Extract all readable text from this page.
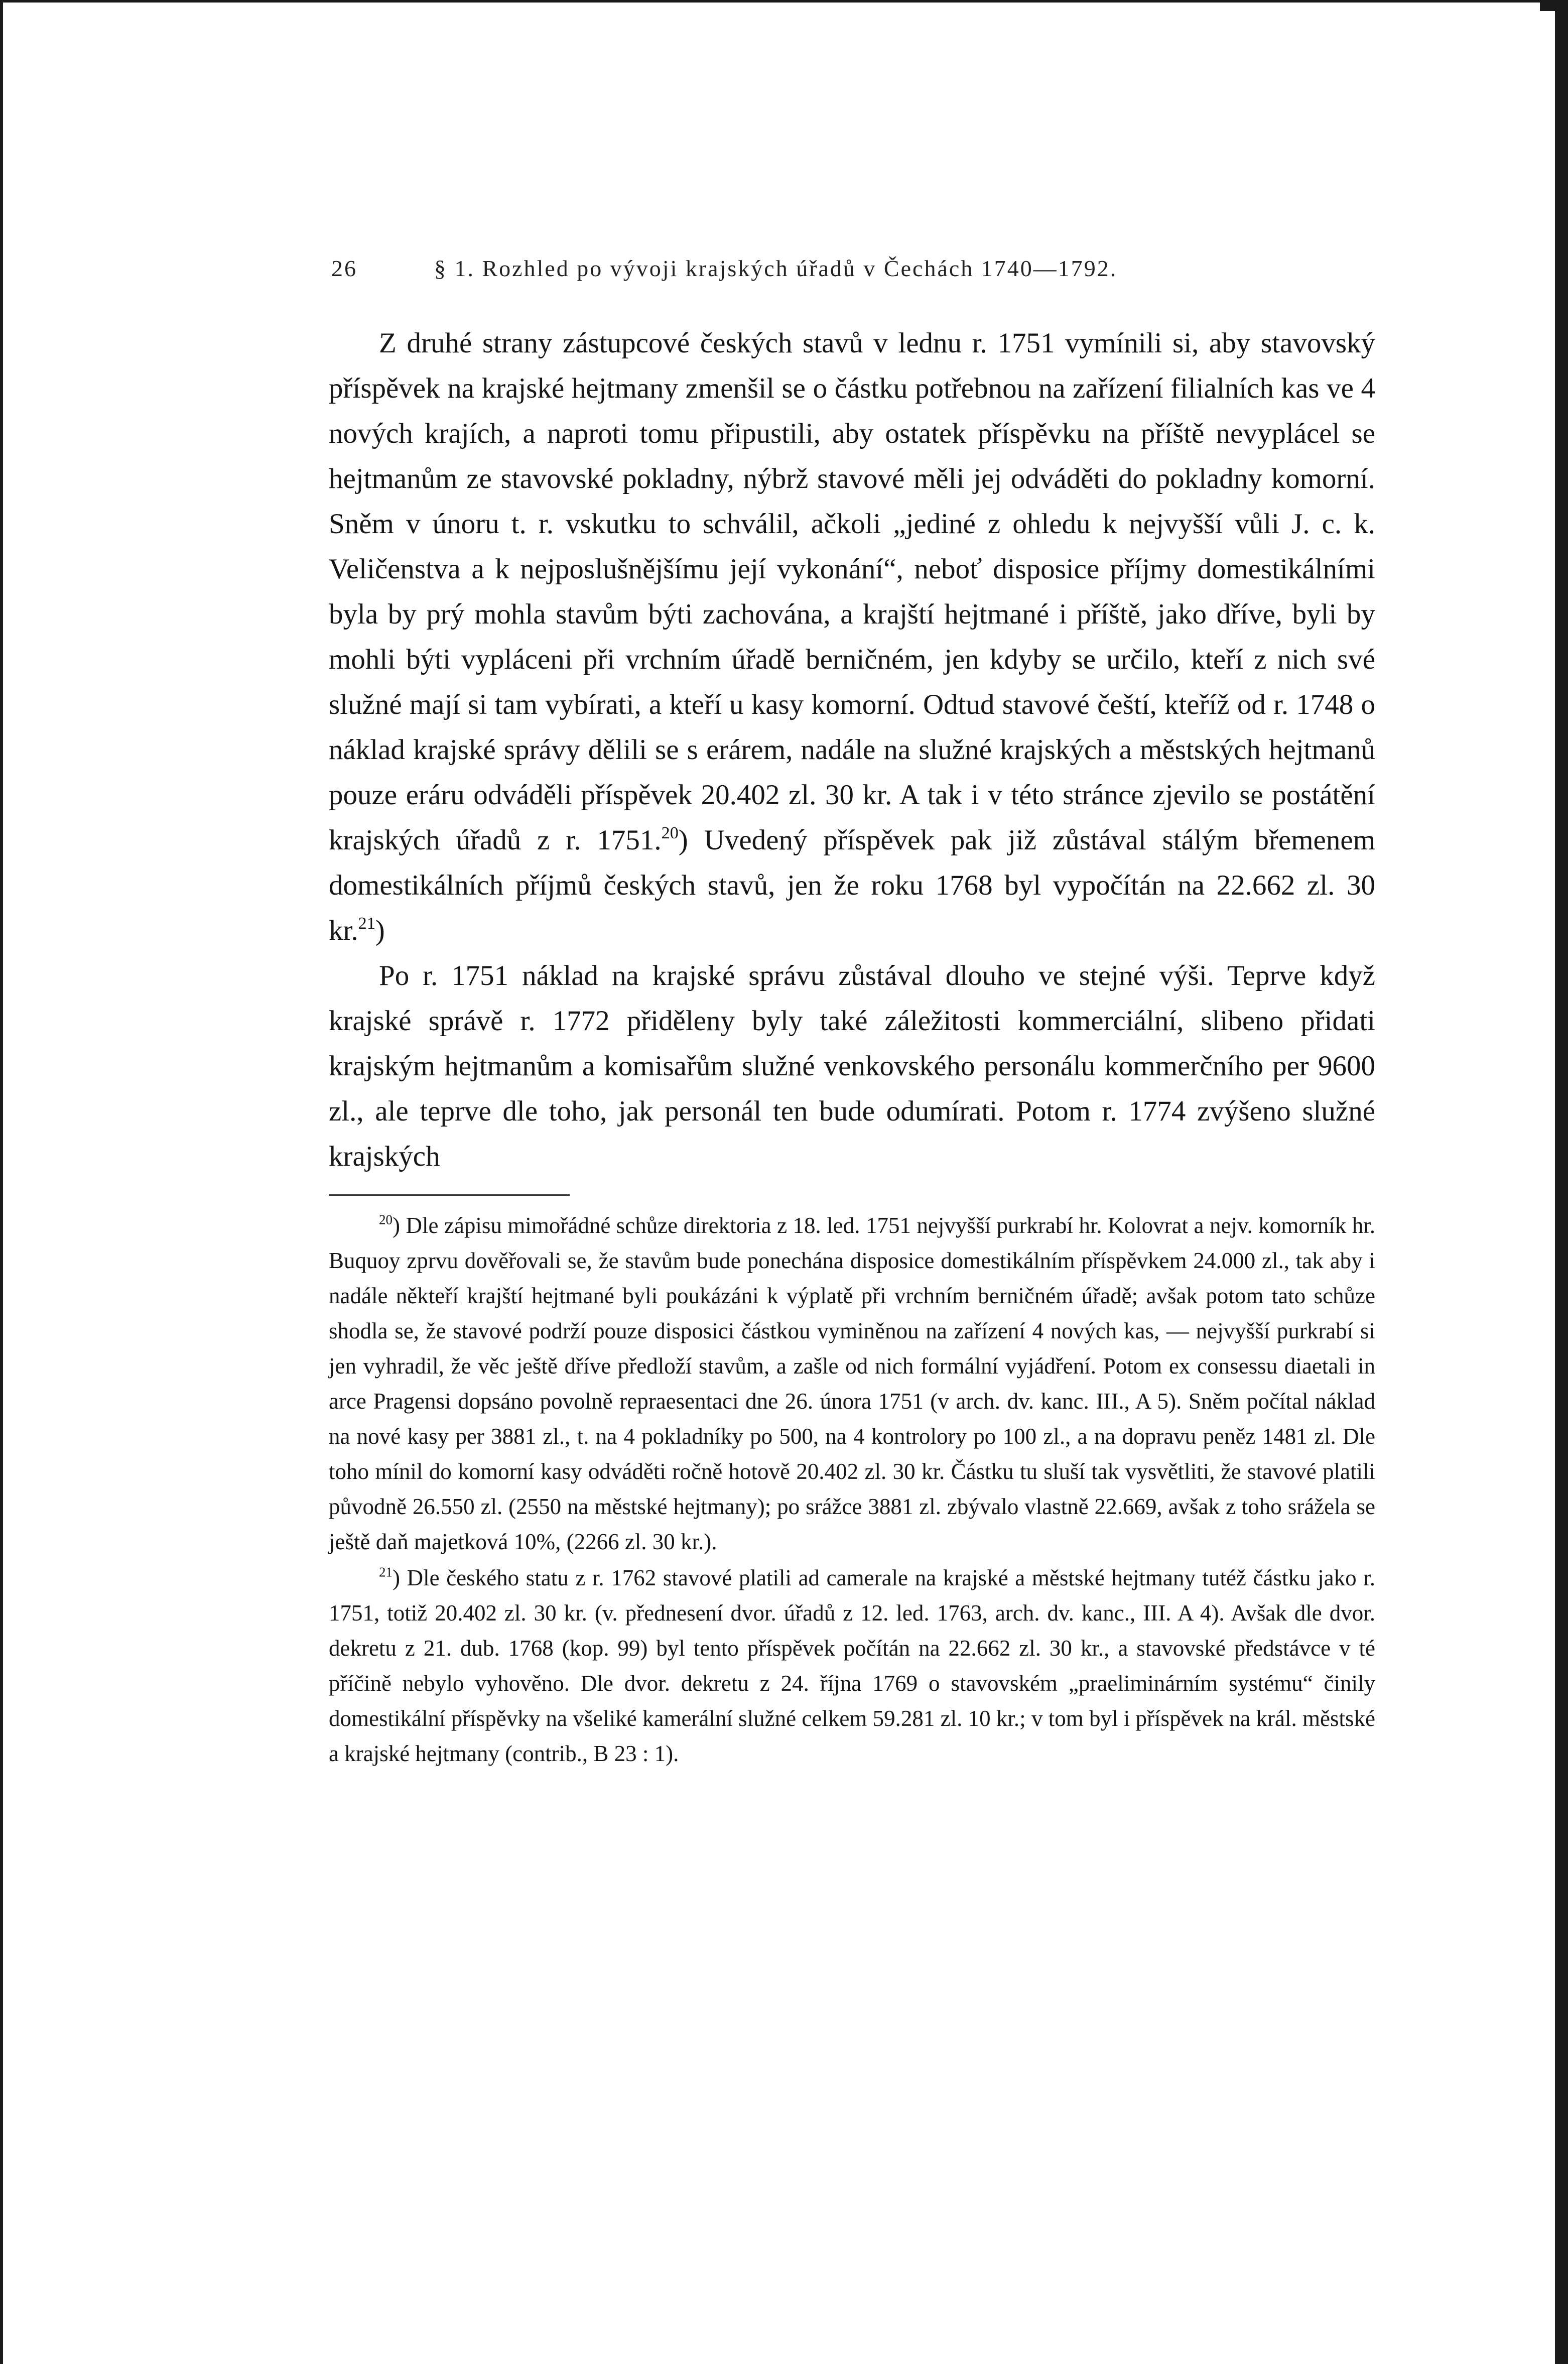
26	§ 1. Rozhled po vývoji krajských úřadů v Čechách 1740—1792.

Z druhé strany zástupcové českých stavů v lednu r. 1751 vymínili si, aby stavovský příspěvek na krajské hejtmany zmenšil se o částku potřebnou na zařízení filialních kas ve 4 nových krajích, a naproti tomu připustili, aby ostatek příspěvku na příště nevyplácel se hejtmanům ze stavovské pokladny, nýbrž stavové měli jej odváděti do pokladny komorní. Sněm v únoru t. r. vskutku to schválil, ačkoli „jediné z ohledu k nejvyšší vůli J. c. k. Veličenstva a k nejposlušnějšímu její vykonání“, neboť disposice příjmy domestikálními byla by prý mohla stavům býti zachována, a krajští hejtmané i příště, jako dříve, byli by mohli býti vypláceni při vrchním úřadě berničném, jen kdyby se určilo, kteří z nich své služné mají si tam vybírati, a kteří u kasy komorní. Odtud stavové čeští, kteříž od r. 1748 o náklad krajské správy dělili se s erárem, nadále na služné krajských a městských hejtmanů pouze eráru odváděli příspěvek 20.402 zl. 30 kr. A tak i v této stránce zjevilo se postátění krajských úřadů z r. 1751.20) Uvedený příspěvek pak již zůstával stálým břemenem domestikálních příjmů českých stavů, jen že roku 1768 byl vypočítán na 22.662 zl. 30 kr.$^{21}$)

Po r. 1751 náklad na krajské správu zůstával dlouho ve stejné výši. Teprve když krajské správě r. 1772 přiděleny byly také záležitosti kommerciální, slibeno přidati krajským hejtmanům a komisařům služné venkovského personálu kommerčního per 9600 zl., ale teprve dle toho, jak personál ten bude odumírati. Potom r. 1774 zvýšeno služné krajských

$^{20}$) Dle zápisu mimořádné schůze direktoria z 18. led. 1751 nejvyšší purkrabí hr. Kolovrat a nejv. komorník hr. Buquoy zprvu dověřovali se, že stavům bude ponechána disposice domestikálním příspěvkem 24.000 zl., tak aby i nadále někteří krajští hejtmané byli poukázáni k výplatě při vrchním berničném úřadě; avšak potom tato schůze shodla se, že stavové podrží pouze disposici částkou vyminěnou na zařízení 4 nových kas, — nejvyšší purkrabí si jen vyhradil, že věc ještě dříve předloží stavům, a zašle od nich formální vyjádření. Potom ex consessu diaetali in arce Pragensi dopsáno povolně repraesentaci dne 26. února 1751 (v arch. dv. kanc. III., A 5). Sněm počítal náklad na nové kasy per 3881 zl., t. na 4 pokladníky po 500, na 4 kontrolory po 100 zl., a na dopravu peněz 1481 zl. Dle toho mínil do komorní kasy odváděti ročně hotově 20.402 zl. 30 kr. Částku tu sluší tak vysvětliti, že stavové platili původně 26.550 zl. (2550 na městské hejtmany); po srážce 3881 zl. zbývalo vlastně 22.669, avšak z toho srážela se ještě daň majetková 10%, (2266 zl. 30 kr.).

$^{21}$) Dle českého statu z r. 1762 stavové platili ad camerale na krajské a městské hejtmany tutéž částku jako r. 1751, totiž 20.402 zl. 30 kr. (v. přednesení dvor. úřadů z 12. led. 1763, arch. dv. kanc., III. A 4). Avšak dle dvor. dekretu z 21. dub. 1768 (kop. 99) byl tento příspěvek počítán na 22.662 zl. 30 kr., a stavovské předstávce v té příčině nebylo vyhověno. Dle dvor. dekretu z 24. října 1769 o stavovském „praeliminárním systému“ činily domestikální příspěvky na všeliké kamerální služné celkem 59.281 zl. 10 kr.; v tom byl i příspěvek na král. městské a krajské hejtmany (contrib., B 23 : 1).
